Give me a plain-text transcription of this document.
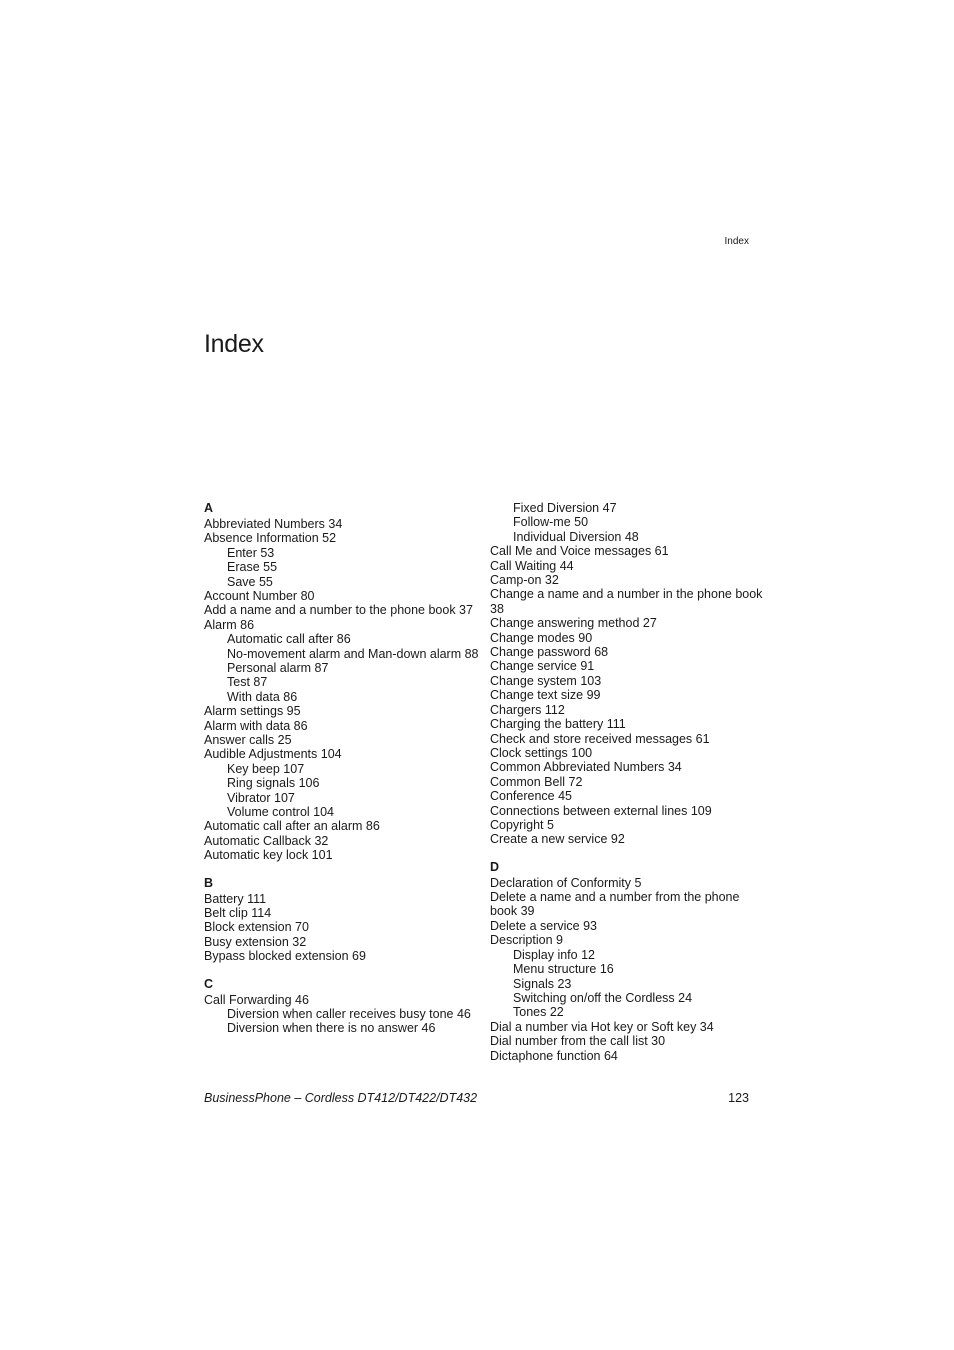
Index
Index
A
Abbreviated Numbers 34
Absence Information 52
Enter 53
Erase 55
Save 55
Account Number 80
Add a name and a number to the phone book 37
Alarm 86
Automatic call after 86
No-movement alarm and Man-down alarm 88
Personal alarm 87
Test 87
With data 86
Alarm settings 95
Alarm with data 86
Answer calls 25
Audible Adjustments 104
Key beep 107
Ring signals 106
Vibrator 107
Volume control 104
Automatic call after an alarm 86
Automatic Callback 32
Automatic key lock 101
B
Battery 111
Belt clip 114
Block extension 70
Busy extension 32
Bypass blocked extension 69
C
Call Forwarding 46
Diversion when caller receives busy tone 46
Diversion when there is no answer 46
Fixed Diversion 47
Follow-me 50
Individual Diversion 48
Call Me and Voice messages 61
Call Waiting 44
Camp-on 32
Change a name and a number in the phone book 38
Change answering method 27
Change modes 90
Change password 68
Change service 91
Change system 103
Change text size 99
Chargers 112
Charging the battery 111
Check and store received messages 61
Clock settings 100
Common Abbreviated Numbers 34
Common Bell 72
Conference 45
Connections between external lines 109
Copyright 5
Create a new service 92
D
Declaration of Conformity 5
Delete a name and a number from the phone book 39
Delete a service 93
Description 9
Display info 12
Menu structure 16
Signals 23
Switching on/off the Cordless 24
Tones 22
Dial a number via Hot key or Soft key 34
Dial number from the call list 30
Dictaphone function 64
BusinessPhone – Cordless DT412/DT422/DT432	123
